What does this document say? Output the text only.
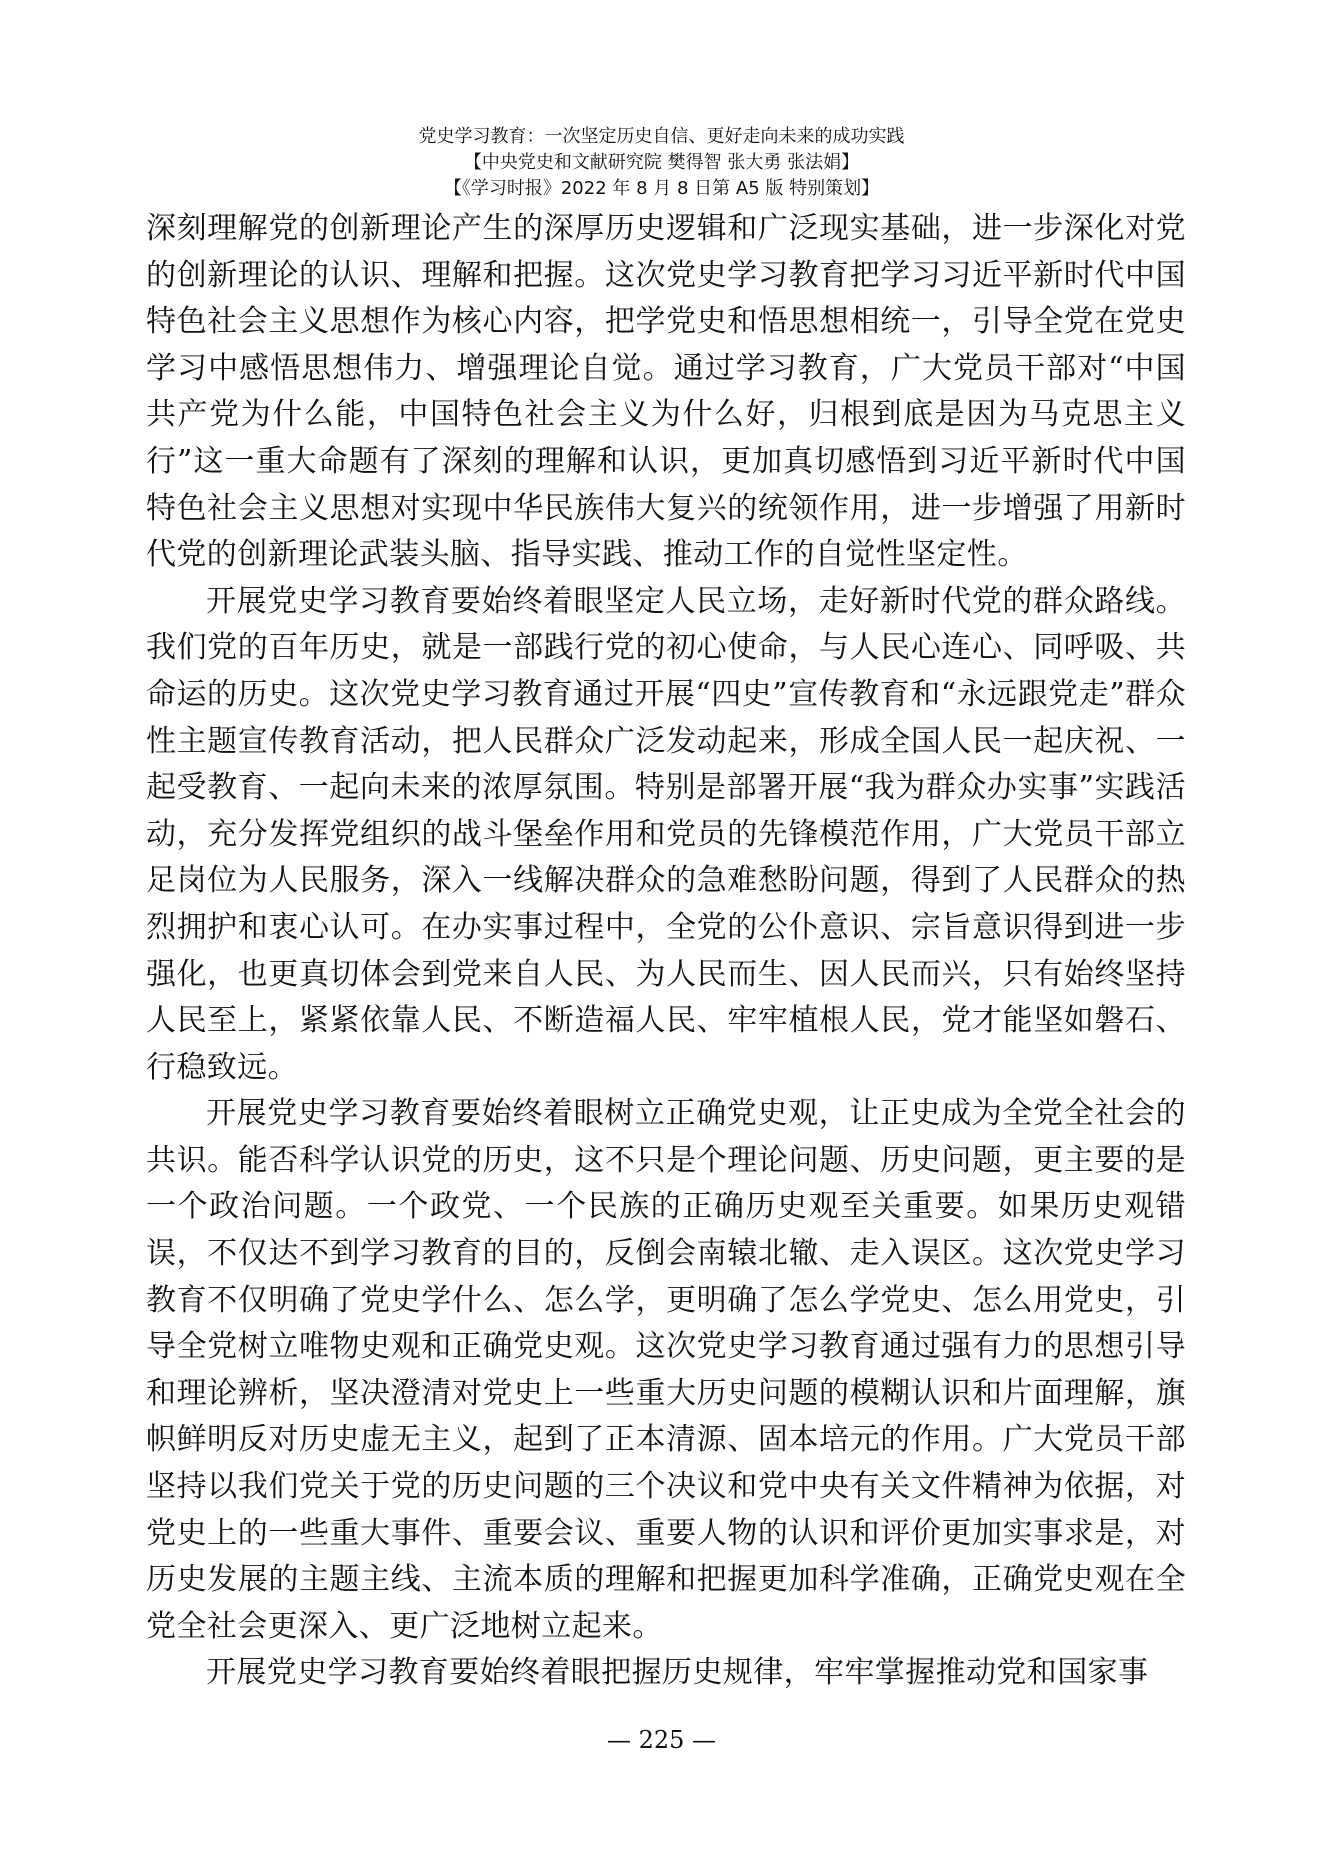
党史学习教育：一次坚定历史自信、更好走向未来的成功实践
【中央党史和文献研究院 樊得智 张大勇 张法娟】
【《学习时报》2022 年 8 月 8 日第 A5 版 特别策划】

深刻理解党的创新理论产生的深厚历史逻辑和广泛现实基础，进一步深化对党的创新理论的认识、理解和把握。这次党史学习教育把学习习近平新时代中国特色社会主义思想作为核心内容，把学党史和悟思想相统一，引导全党在党史学习中感悟思想伟力、增强理论自觉。通过学习教育，广大党员干部对“中国共产党为什么能，中国特色社会主义为什么好，归根到底是因为马克思主义行”这一重大命题有了深刻的理解和认识，更加真切感悟到习近平新时代中国特色社会主义思想对实现中华民族伟大复兴的统领作用，进一步增强了用新时代党的创新理论武装头脑、指导实践、推动工作的自觉性坚定性。

开展党史学习教育要始终着眼坚定人民立场，走好新时代党的群众路线。我们党的百年历史，就是一部践行党的初心使命，与人民心连心、同呼吸、共命运的历史。这次党史学习教育通过开展“四史”宣传教育和“永远跟党走”群众性主题宣传教育活动，把人民群众广泛发动起来，形成全国人民一起庆祝、一起受教育、一起向未来的浓厚氛围。特别是部署开展“我为群众办实事”实践活动，充分发挥党组织的战斗堡垒作用和党员的先锋模范作用，广大党员干部立足岗位为人民服务，深入一线解决群众的急难愁盼问题，得到了人民群众的热烈拥护和衷心认可。在办实事过程中，全党的公仆意识、宗旨意识得到进一步强化，也更真切体会到党来自人民、为人民而生、因人民而兴，只有始终坚持人民至上，紧紧依靠人民、不断造福人民、牢牢植根人民，党才能坚如磐石、行稳致远。

开展党史学习教育要始终着眼树立正确党史观，让正史成为全党全社会的共识。能否科学认识党的历史，这不只是个理论问题、历史问题，更主要的是一个政治问题。一个政党、一个民族的正确历史观至关重要。如果历史观错误，不仅达不到学习教育的目的，反倒会南辕北辙、走入误区。这次党史学习教育不仅明确了党史学什么、怎么学，更明确了怎么学党史、怎么用党史，引导全党树立唯物史观和正确党史观。这次党史学习教育通过强有力的思想引导和理论辨析，坚决澄清对党史上一些重大历史问题的模糊认识和片面理解，旗帜鲜明反对历史虚无主义，起到了正本清源、固本培元的作用。广大党员干部坚持以我们党关于党的历史问题的三个决议和党中央有关文件精神为依据，对党史上的一些重大事件、重要会议、重要人物的认识和评价更加实事求是，对历史发展的主题主线、主流本质的理解和把握更加科学准确，正确党史观在全党全社会更深入、更广泛地树立起来。

开展党史学习教育要始终着眼把握历史规律，牢牢掌握推动党和国家事

— 225 —
